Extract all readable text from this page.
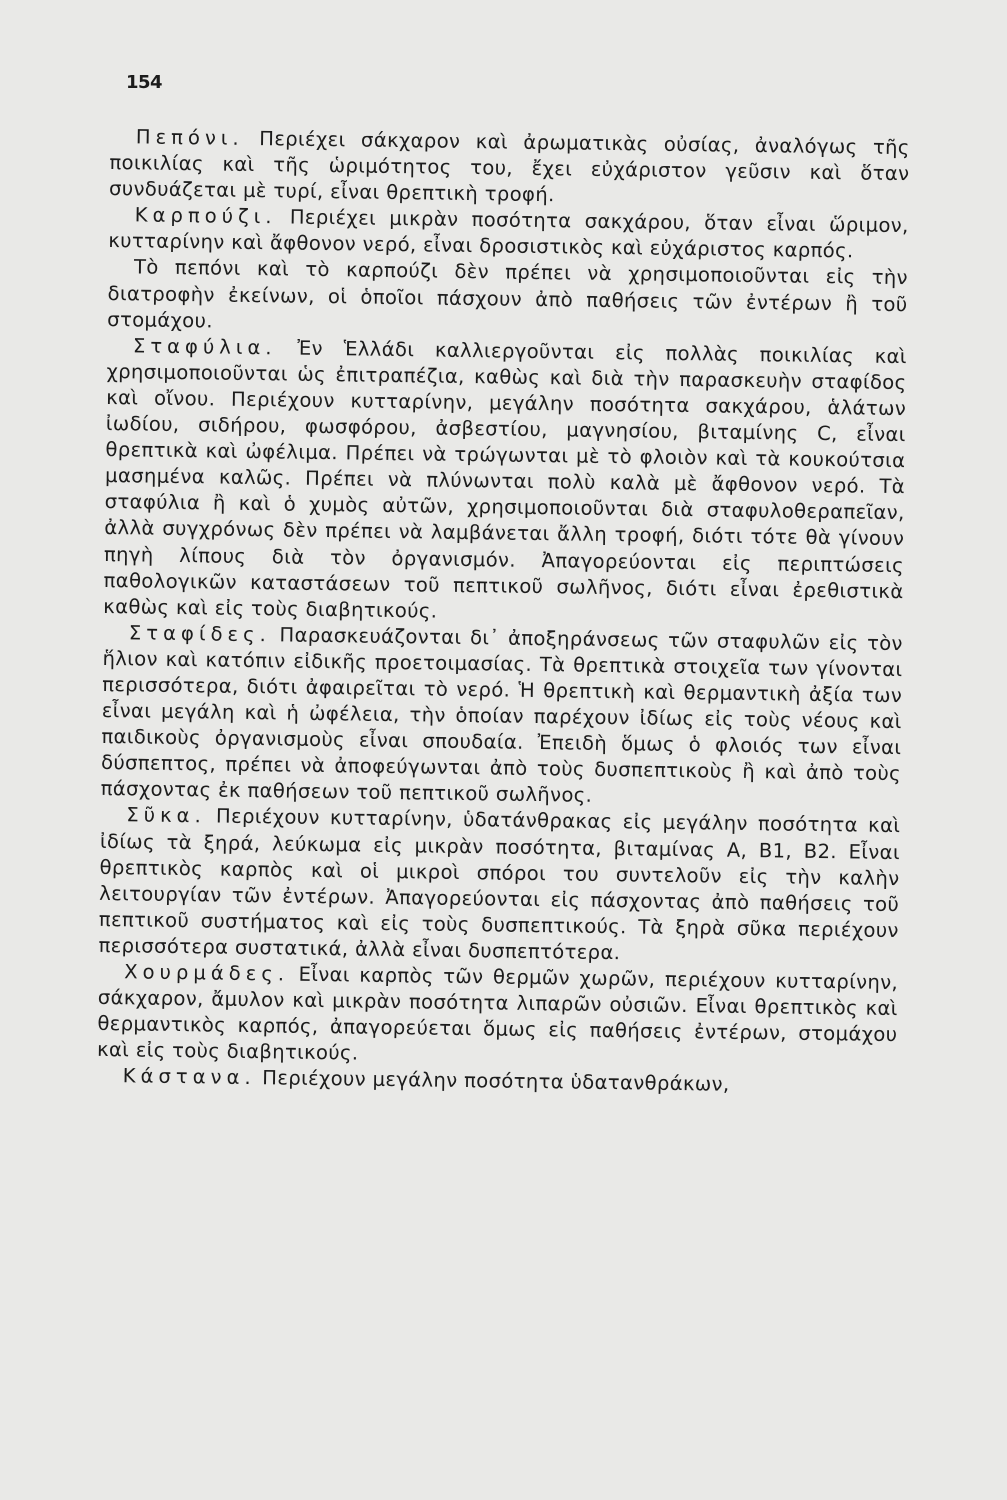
154

Πεπόνι. Περιέχει σάκχαρον καὶ ἀρωματικὰς οὐσίας, ἀναλόγως τῆς ποικιλίας καὶ τῆς ὡριμότητος του, ἔχει εὐχάριστον γεῦσιν καὶ ὅταν συνδυάζεται μὲ τυρί, εἶναι θρεπτικὴ τροφή.

Καρπούζι. Περιέχει μικρὰν ποσότητα σακχάρου, ὅταν εἶναι ὥριμον, κυτταρίνην καὶ ἄφθονον νερό, εἶναι δροσιστικὸς καὶ εὐχάριστος καρπός.

Τὸ πεπόνι καὶ τὸ καρπούζι δὲν πρέπει νὰ χρησιμοποιοῦνται εἰς τὴν διατροφὴν ἐκείνων, οἱ ὁποῖοι πάσχουν ἀπὸ παθήσεις τῶν ἐντέρων ἢ τοῦ στομάχου.

Σταφύλια. Ἐν Ἑλλάδι καλλιεργοῦνται εἰς πολλὰς ποικιλίας καὶ χρησιμοποιοῦνται ὡς ἐπιτραπέζια, καθὼς καὶ διὰ τὴν παρασκευὴν σταφίδος καὶ οἴνου. Περιέχουν κυτταρίνην, μεγάλην ποσότητα σακχάρου, ἁλάτων ἰωδίου, σιδήρου, φωσφόρου, ἀσβεστίου, μαγνησίου, βιταμίνης C, εἶναι θρεπτικὰ καὶ ὠφέλιμα. Πρέπει νὰ τρώγωνται μὲ τὸ φλοιὸν καὶ τὰ κουκούτσια μασημένα καλῶς. Πρέπει νὰ πλύνωνται πολὺ καλὰ μὲ ἄφθονον νερό. Τὰ σταφύλια ἢ καὶ ὁ χυμὸς αὐτῶν, χρησιμοποιοῦνται διὰ σταφυλοθεραπεῖαν, ἀλλὰ συγχρόνως δὲν πρέπει νὰ λαμβάνεται ἄλλη τροφή, διότι τότε θὰ γίνουν πηγὴ λίπους διὰ τὸν ὀργανισμόν. Ἀπαγορεύονται εἰς περιπτώσεις παθολογικῶν καταστάσεων τοῦ πεπτικοῦ σωλῆνος, διότι εἶναι ἐρεθιστικὰ καθὼς καὶ εἰς τοὺς διαβητικούς.

Σταφίδες. Παρασκευάζονται δι᾽ ἀποξηράνσεως τῶν σταφυλῶν εἰς τὸν ἥλιον καὶ κατόπιν εἰδικῆς προετοιμασίας. Τὰ θρεπτικὰ στοιχεῖα των γίνονται περισσότερα, διότι ἀφαιρεῖται τὸ νερό. Ἡ θρεπτικὴ καὶ θερμαντικὴ ἀξία των εἶναι μεγάλη καὶ ἡ ὠφέλεια, τὴν ὁποίαν παρέχουν ἰδίως εἰς τοὺς νέους καὶ παιδικοὺς ὀργανισμοὺς εἶναι σπουδαία. Ἐπειδὴ ὅμως ὁ φλοιός των εἶναι δύσπεπτος, πρέπει νὰ ἀποφεύγωνται ἀπὸ τοὺς δυσπεπτικοὺς ἢ καὶ ἀπὸ τοὺς πάσχοντας ἐκ παθήσεων τοῦ πεπτικοῦ σωλῆνος.

Σῦκα. Περιέχουν κυτταρίνην, ὑδατάνθρακας εἰς μεγάλην ποσότητα καὶ ἰδίως τὰ ξηρά, λεύκωμα εἰς μικρὰν ποσότητα, βιταμίνας Α, Β1, Β2. Εἶναι θρεπτικὸς καρπὸς καὶ οἱ μικροὶ σπόροι του συντελοῦν εἰς τὴν καλὴν λειτουργίαν τῶν ἐντέρων. Ἀπαγορεύονται εἰς πάσχοντας ἀπὸ παθήσεις τοῦ πεπτικοῦ συστήματος καὶ εἰς τοὺς δυσπεπτικούς. Τὰ ξηρὰ σῦκα περιέχουν περισσότερα συστατικά, ἀλλὰ εἶναι δυσπεπτότερα.

Χουρμάδες. Εἶναι καρπὸς τῶν θερμῶν χωρῶν, περιέχουν κυτταρίνην, σάκχαρον, ἄμυλον καὶ μικρὰν ποσότητα λιπαρῶν οὐσιῶν. Εἶναι θρεπτικὸς καὶ θερμαντικὸς καρπός, ἀπαγορεύεται ὅμως εἰς παθήσεις ἐντέρων, στομάχου καὶ εἰς τοὺς διαβητικούς.

Κάστανα. Περιέχουν μεγάλην ποσότητα ὑδατανθράκων,
